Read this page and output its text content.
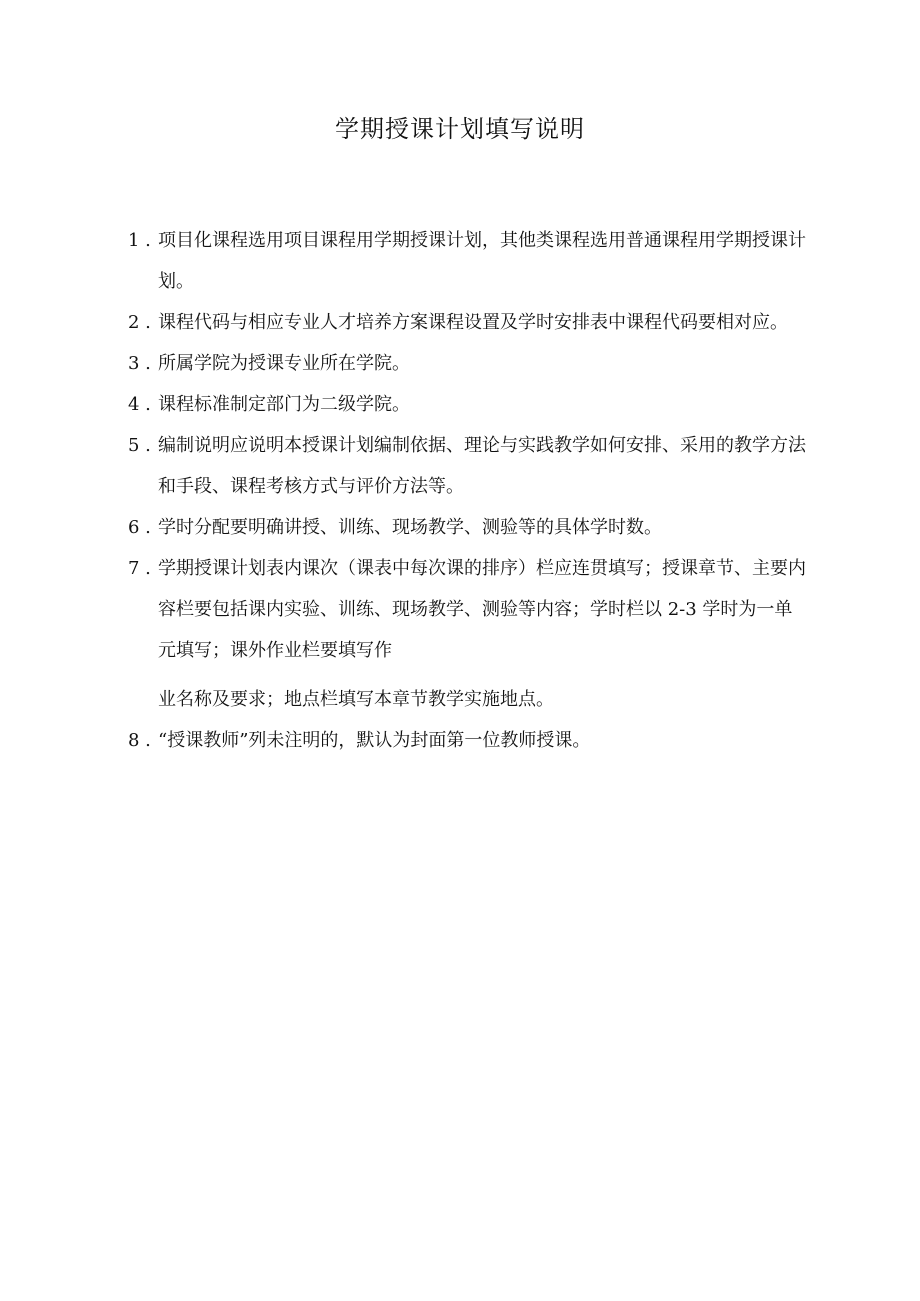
学期授课计划填写说明
1 . 项目化课程选用项目课程用学期授课计划，其他类课程选用普通课程用学期授课计划。
2 . 课程代码与相应专业人才培养方案课程设置及学时安排表中课程代码要相对应。
3 . 所属学院为授课专业所在学院。
4 . 课程标准制定部门为二级学院。
5 . 编制说明应说明本授课计划编制依据、理论与实践教学如何安排、采用的教学方法和手段、课程考核方式与评价方法等。
6 . 学时分配要明确讲授、训练、现场教学、测验等的具体学时数。
7 . 学期授课计划表内课次（课表中每次课的排序）栏应连贯填写；授课章节、主要内容栏要包括课内实验、训练、现场教学、测验等内容；学时栏以 2-3 学时为一单元填写；课外作业栏要填写作
业名称及要求；地点栏填写本章节教学实施地点。
8 . “授课教师”列未注明的，默认为封面第一位教师授课。
